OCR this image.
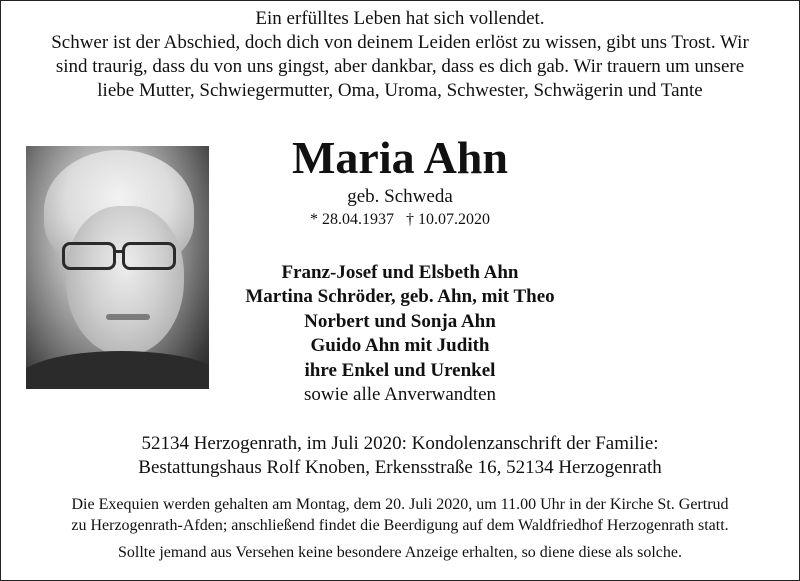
Ein erfülltes Leben hat sich vollendet.
Schwer ist der Abschied, doch dich von deinem Leiden erlöst zu wissen, gibt uns Trost. Wir
sind traurig, dass du von uns gingst, aber dankbar, dass es dich gab. Wir trauern um unsere
liebe Mutter, Schwiegermutter, Oma, Uroma, Schwester, Schwägerin und Tante
Maria Ahn
geb. Schweda
* 28.04.1937 † 10.07.2020
Franz-Josef und Elsbeth Ahn
Martina Schröder, geb. Ahn, mit Theo
Norbert und Sonja Ahn
Guido Ahn mit Judith
ihre Enkel und Urenkel
sowie alle Anverwandten
52134 Herzogenrath, im Juli 2020: Kondolenzanschrift der Familie:
Bestattungshaus Rolf Knoben, Erkensstraße 16, 52134 Herzogenrath
Die Exequien werden gehalten am Montag, dem 20. Juli 2020, um 11.00 Uhr in der Kirche St. Gertrud
zu Herzogenrath-Afden; anschließend findet die Beerdigung auf dem Waldfriedhof Herzogenrath statt.
Sollte jemand aus Versehen keine besondere Anzeige erhalten, so diene diese als solche.
